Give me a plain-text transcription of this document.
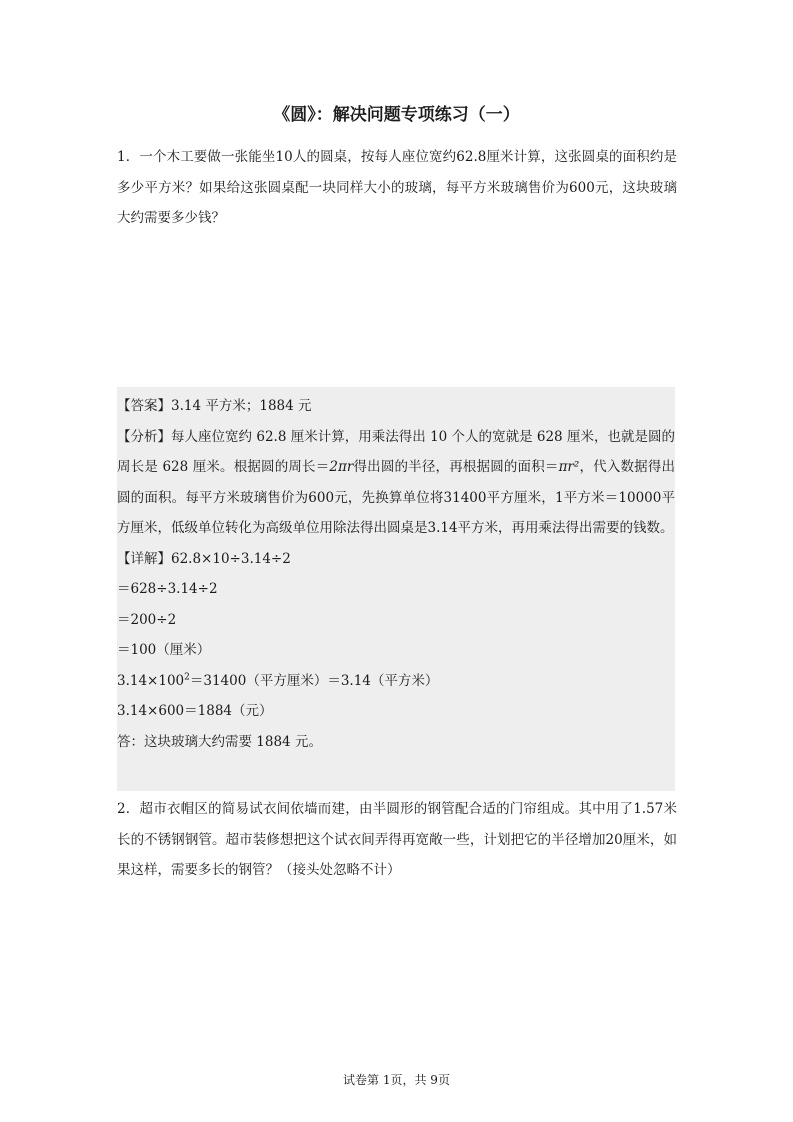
《圆》：解决问题专项练习（一）
1．一个木工要做一张能坐10人的圆桌，按每人座位宽约62.8厘米计算，这张圆桌的面积约是多少平方米？如果给这张圆桌配一块同样大小的玻璃，每平方米玻璃售价为600元，这块玻璃大约需要多少钱？
【答案】3.14 平方米；1884 元
【分析】每人座位宽约 62.8 厘米计算，用乘法得出 10 个人的宽就是 628 厘米，也就是圆的周长是 628 厘米。根据圆的周长＝2πr得出圆的半径，再根据圆的面积＝πr²，代入数据得出圆的面积。每平方米玻璃售价为600元，先换算单位将31400平方厘米，1平方米＝10000平方厘米，低级单位转化为高级单位用除法得出圆桌是3.14平方米，再用乘法得出需要的钱数。
【详解】62.8×10÷3.14÷2
＝628÷3.14÷2
＝200÷2
＝100（厘米）
$3.14\times 100^2=31400$（平方厘米）＝3.14（平方米）
3.14×600＝1884（元）
答：这块玻璃大约需要 1884 元。
2．超市衣帽区的简易试衣间依墙而建，由半圆形的钢管配合适的门帘组成。其中用了1.57米长的不锈钢钢管。超市装修想把这个试衣间弄得再宽敞一些，计划把它的半径增加20厘米，如果这样，需要多长的钢管？（接头处忽略不计）
试卷第 1页，共 9页
